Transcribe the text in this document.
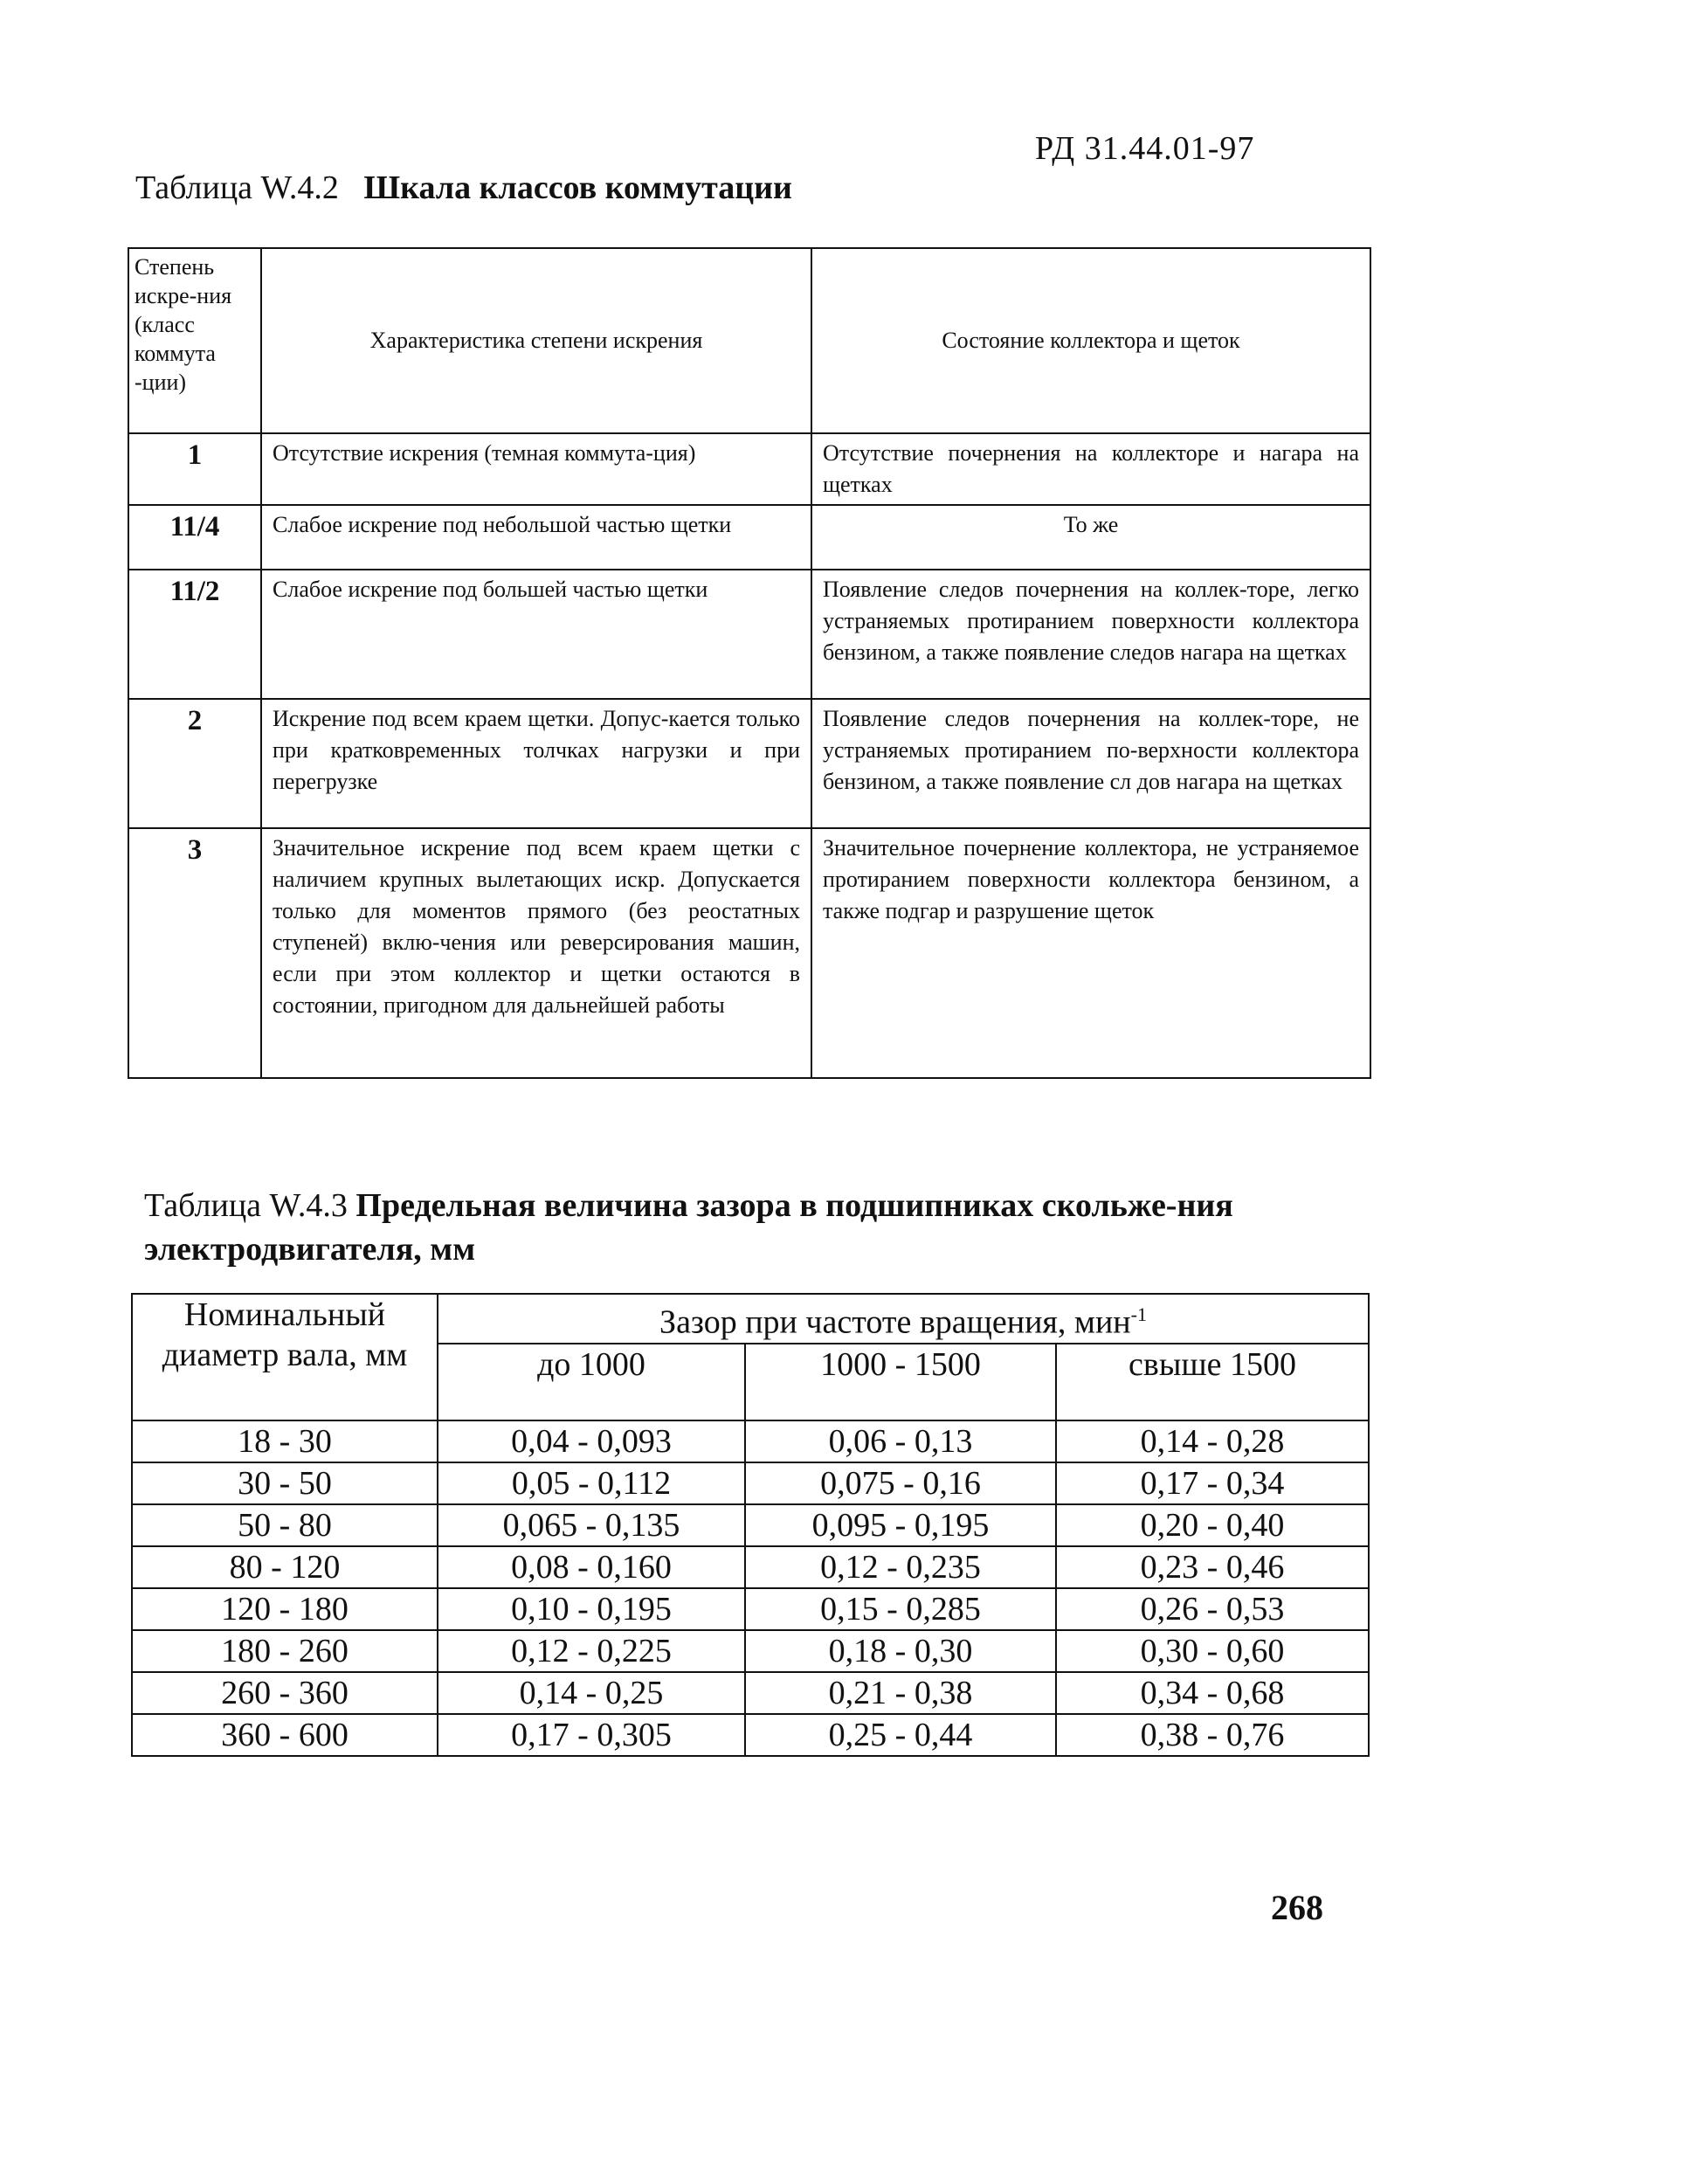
РД 31.44.01-97
Таблица W.4.2 Шкала классов коммутации
Степень искре-ния (класс коммута -ции)	Характеристика степени искрения	Состояние коллектора и щеток
1	Отсутствие искрения (темная коммута-ция)	Отсутствие почернения на коллекторе и нагара на щетках
11/4	Слабое искрение под небольшой частью щетки	То же
11/2	Слабое искрение под большей частью щетки	Появление следов почернения на коллек-торе, легко устраняемых протиранием поверхности коллектора бензином, а также появление следов нагара на щетках
2	Искрение под всем краем щетки. Допус-кается только при кратковременных толчках нагрузки и при перегрузке	Появление следов почернения на коллек-торе, не устраняемых протиранием по-верхности коллектора бензином, а также появление сл дов нагара на щетках
3	Значительное искрение под всем краем щетки с наличием крупных вылетающих искр. Допускается только для моментов прямого (без реостатных ступеней) вклю-чения или реверсирования машин, если при этом коллектор и щетки остаются в состоянии, пригодном для дальнейшей работы	Значительное почернение коллектора, не устраняемое протиранием поверхности коллектора бензином, а также подгар и разрушение щеток
Таблица W.4.3 Предельная величина зазора в подшипниках скольже-ния электродвигателя, мм
Номинальный диаметр вала, мм	Зазор при частоте вращения, мин$^{-1}$
	до 1000	1000 - 1500	свыше 1500
18 - 30	0,04 - 0,093	0,06 - 0,13	0,14 - 0,28
30 - 50	0,05 - 0,112	0,075 - 0,16	0,17 - 0,34
50 - 80	0,065 - 0,135	0,095 - 0,195	0,20 - 0,40
80 - 120	0,08 - 0,160	0,12 - 0,235	0,23 - 0,46
120 - 180	0,10 - 0,195	0,15 - 0,285	0,26 - 0,53
180 - 260	0,12 - 0,225	0,18 - 0,30	0,30 - 0,60
260 - 360	0,14 - 0,25	0,21 - 0,38	0,34 - 0,68
360 - 600	0,17 - 0,305	0,25 - 0,44	0,38 - 0,76
268
